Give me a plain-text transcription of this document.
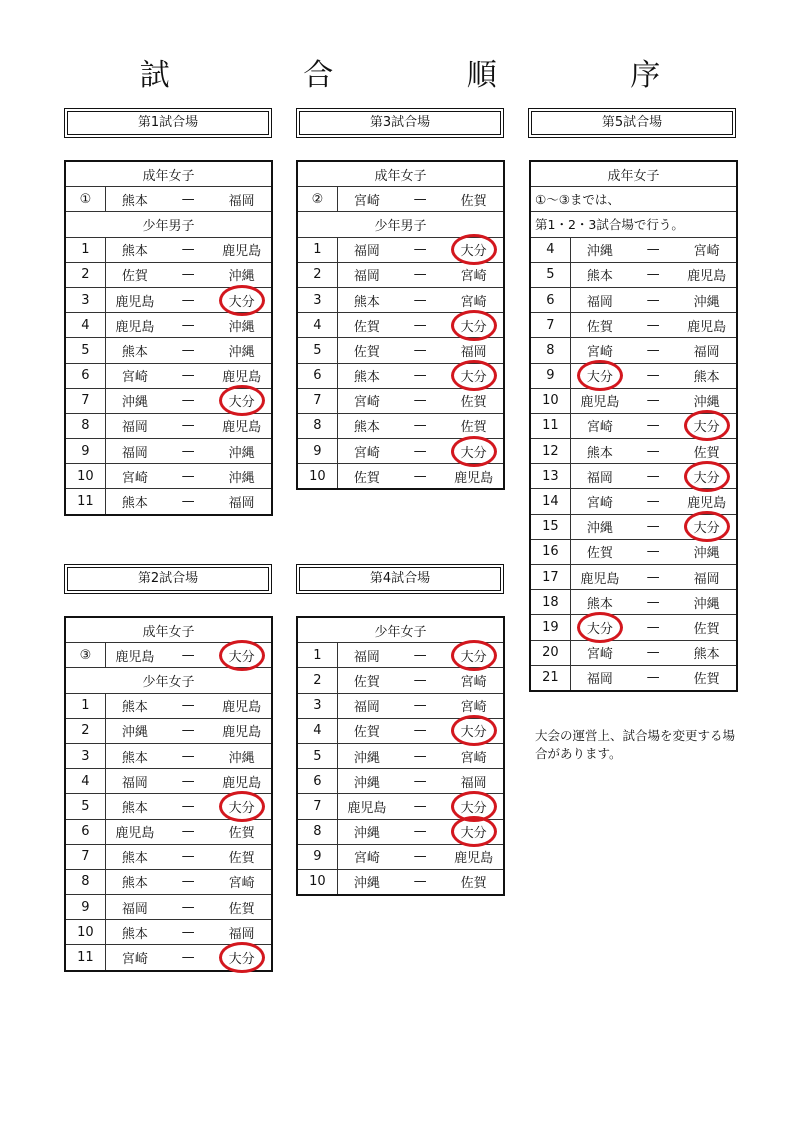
試 合 順 序
第1試合場	第3試合場	第5試合場
第2試合場	第4試合場
成年女子			
①	熊本	—	福岡
少年男子			
1	熊本	—	鹿児島
2	佐賀	—	沖縄
3	鹿児島	—	大分
4	鹿児島	—	沖縄
5	熊本	—	沖縄
6	宮崎	—	鹿児島
7	沖縄	—	大分
8	福岡	—	鹿児島
9	福岡	—	沖縄
10	宮崎	—	沖縄
11	熊本	—	福岡
成年女子			
②	宮崎	—	佐賀
少年男子			
1	福岡	—	大分
2	福岡	—	宮崎
3	熊本	—	宮崎
4	佐賀	—	大分
5	佐賀	—	福岡
6	熊本	—	大分
7	宮崎	—	佐賀
8	熊本	—	佐賀
9	宮崎	—	大分
10	佐賀	—	鹿児島
成年女子			
①～③までは、			
第1・2・3試合場で行う。			
4	沖縄	—	宮崎
5	熊本	—	鹿児島
6	福岡	—	沖縄
7	佐賀	—	鹿児島
8	宮崎	—	福岡
9	大分	—	熊本
10	鹿児島	—	沖縄
11	宮崎	—	大分
12	熊本	—	佐賀
13	福岡	—	大分
14	宮崎	—	鹿児島
15	沖縄	—	大分
16	佐賀	—	沖縄
17	鹿児島	—	福岡
18	熊本	—	沖縄
19	大分	—	佐賀
20	宮崎	—	熊本
21	福岡	—	佐賀
成年女子			
③	鹿児島	—	大分
少年女子			
1	熊本	—	鹿児島
2	沖縄	—	鹿児島
3	熊本	—	沖縄
4	福岡	—	鹿児島
5	熊本	—	大分
6	鹿児島	—	佐賀
7	熊本	—	佐賀
8	熊本	—	宮崎
9	福岡	—	佐賀
10	熊本	—	福岡
11	宮崎	—	大分
少年女子			
1	福岡	—	大分
2	佐賀	—	宮崎
3	福岡	—	宮崎
4	佐賀	—	大分
5	沖縄	—	宮崎
6	沖縄	—	福岡
7	鹿児島	—	大分
8	沖縄	—	大分
9	宮崎	—	鹿児島
10	沖縄	—	佐賀
大会の運営上、試合場を変更する場合があります。
